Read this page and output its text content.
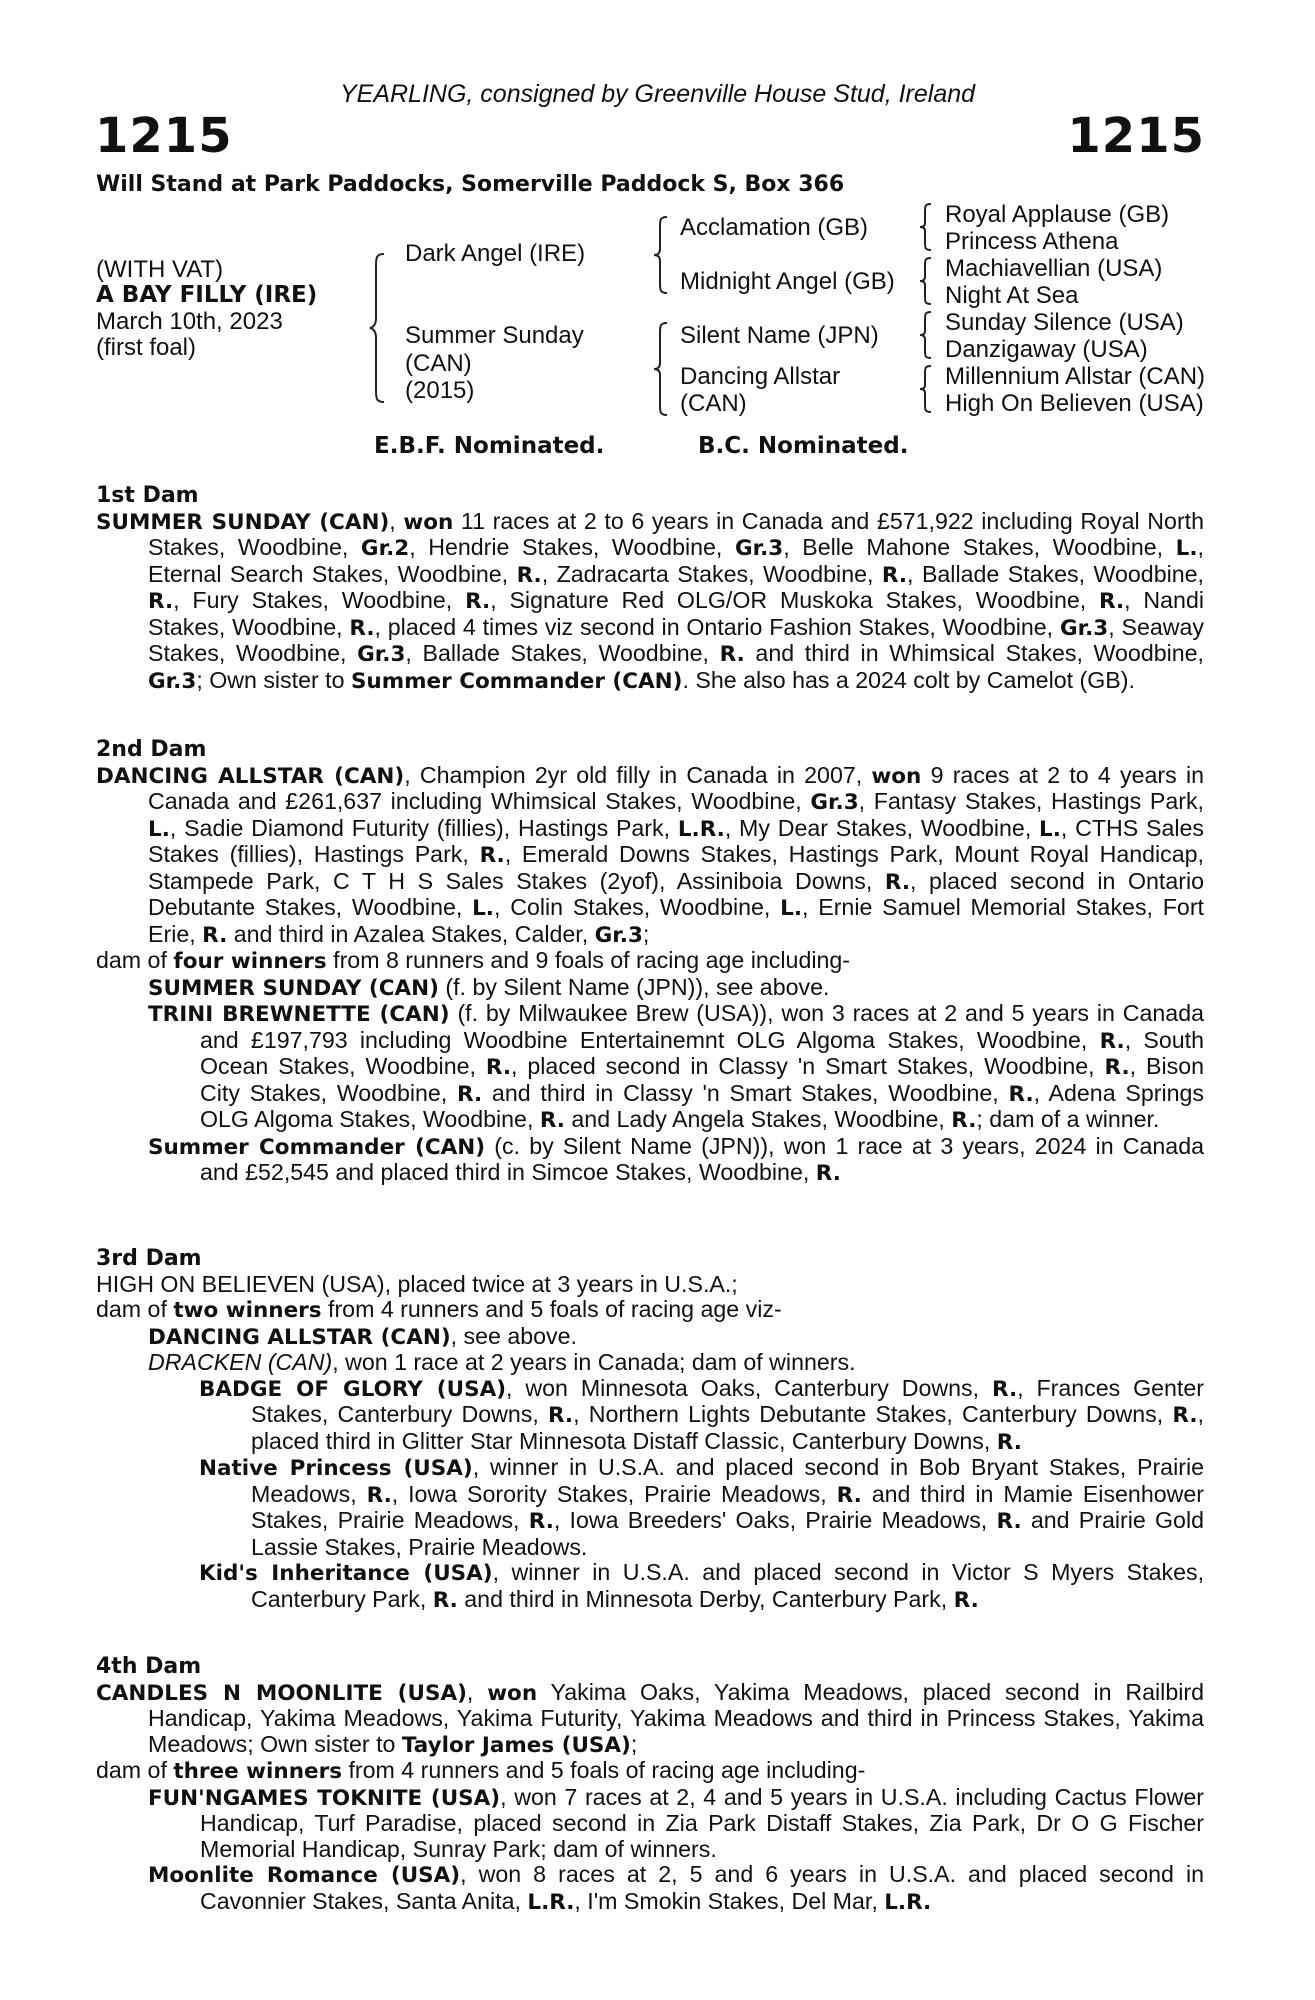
YEARLING, consigned by Greenville House Stud, Ireland
1215	1215
Will Stand at Park Paddocks, Somerville Paddock S, Box 366
(WITH VAT)
A BAY FILLY (IRE)
March 10th, 2023
(first foal)
Dark Angel (IRE)
Summer Sunday
(CAN)
(2015)
Acclamation (GB)
Midnight Angel (GB)
Silent Name (JPN)
Dancing Allstar
(CAN)
Royal Applause (GB)
Princess Athena
Machiavellian (USA)
Night At Sea
Sunday Silence (USA)
Danzigaway (USA)
Millennium Allstar (CAN)
High On Believen (USA)
E.B.F. Nominated.	B.C. Nominated.
1st Dam

SUMMER SUNDAY (CAN), won 11 races at 2 to 6 years in Canada and £571,922 including Royal North Stakes, Woodbine, Gr.2, Hendrie Stakes, Woodbine, Gr.3, Belle Mahone Stakes, Woodbine, L., Eternal Search Stakes, Woodbine, R., Zadracarta Stakes, Woodbine, R., Ballade Stakes, Woodbine, R., Fury Stakes, Woodbine, R., Signature Red OLG/OR Muskoka Stakes, Woodbine, R., Nandi Stakes, Woodbine, R., placed 4 times viz second in Ontario Fashion Stakes, Woodbine, Gr.3, Seaway Stakes, Woodbine, Gr.3, Ballade Stakes, Woodbine, R. and third in Whimsical Stakes, Woodbine, Gr.3; Own sister to Summer Commander (CAN). She also has a 2024 colt by Camelot (GB).

2nd Dam

DANCING ALLSTAR (CAN), Champion 2yr old filly in Canada in 2007, won 9 races at 2 to 4 years in Canada and £261,637 including Whimsical Stakes, Woodbine, Gr.3, Fantasy Stakes, Hastings Park, L., Sadie Diamond Futurity (fillies), Hastings Park, L.R., My Dear Stakes, Woodbine, L., CTHS Sales Stakes (fillies), Hastings Park, R., Emerald Downs Stakes, Hastings Park, Mount Royal Handicap, Stampede Park, C T H S Sales Stakes (2yof), Assiniboia Downs, R., placed second in Ontario Debutante Stakes, Woodbine, L., Colin Stakes, Woodbine, L., Ernie Samuel Memorial Stakes, Fort Erie, R. and third in Azalea Stakes, Calder, Gr.3;

dam of four winners from 8 runners and 9 foals of racing age including-

SUMMER SUNDAY (CAN) (f. by Silent Name (JPN)), see above.

TRINI BREWNETTE (CAN) (f. by Milwaukee Brew (USA)), won 3 races at 2 and 5 years in Canada and £197,793 including Woodbine Entertainemnt OLG Algoma Stakes, Woodbine, R., South Ocean Stakes, Woodbine, R., placed second in Classy 'n Smart Stakes, Woodbine, R., Bison City Stakes, Woodbine, R. and third in Classy 'n Smart Stakes, Woodbine, R., Adena Springs OLG Algoma Stakes, Woodbine, R. and Lady Angela Stakes, Woodbine, R.; dam of a winner.

Summer Commander (CAN) (c. by Silent Name (JPN)), won 1 race at 3 years, 2024 in Canada and £52,545 and placed third in Simcoe Stakes, Woodbine, R.

3rd Dam

HIGH ON BELIEVEN (USA), placed twice at 3 years in U.S.A.;

dam of two winners from 4 runners and 5 foals of racing age viz-

DANCING ALLSTAR (CAN), see above.

DRACKEN (CAN), won 1 race at 2 years in Canada; dam of winners.

BADGE OF GLORY (USA), won Minnesota Oaks, Canterbury Downs, R., Frances Genter Stakes, Canterbury Downs, R., Northern Lights Debutante Stakes, Canterbury Downs, R., placed third in Glitter Star Minnesota Distaff Classic, Canterbury Downs, R.

Native Princess (USA), winner in U.S.A. and placed second in Bob Bryant Stakes, Prairie Meadows, R., Iowa Sorority Stakes, Prairie Meadows, R. and third in Mamie Eisenhower Stakes, Prairie Meadows, R., Iowa Breeders' Oaks, Prairie Meadows, R. and Prairie Gold Lassie Stakes, Prairie Meadows.

Kid's Inheritance (USA), winner in U.S.A. and placed second in Victor S Myers Stakes, Canterbury Park, R. and third in Minnesota Derby, Canterbury Park, R.

4th Dam

CANDLES N MOONLITE (USA), won Yakima Oaks, Yakima Meadows, placed second in Railbird Handicap, Yakima Meadows, Yakima Futurity, Yakima Meadows and third in Princess Stakes, Yakima Meadows; Own sister to Taylor James (USA);

dam of three winners from 4 runners and 5 foals of racing age including-

FUN'NGAMES TOKNITE (USA), won 7 races at 2, 4 and 5 years in U.S.A. including Cactus Flower Handicap, Turf Paradise, placed second in Zia Park Distaff Stakes, Zia Park, Dr O G Fischer Memorial Handicap, Sunray Park; dam of winners.

Moonlite Romance (USA), won 8 races at 2, 5 and 6 years in U.S.A. and placed second in Cavonnier Stakes, Santa Anita, L.R., I'm Smokin Stakes, Del Mar, L.R.
